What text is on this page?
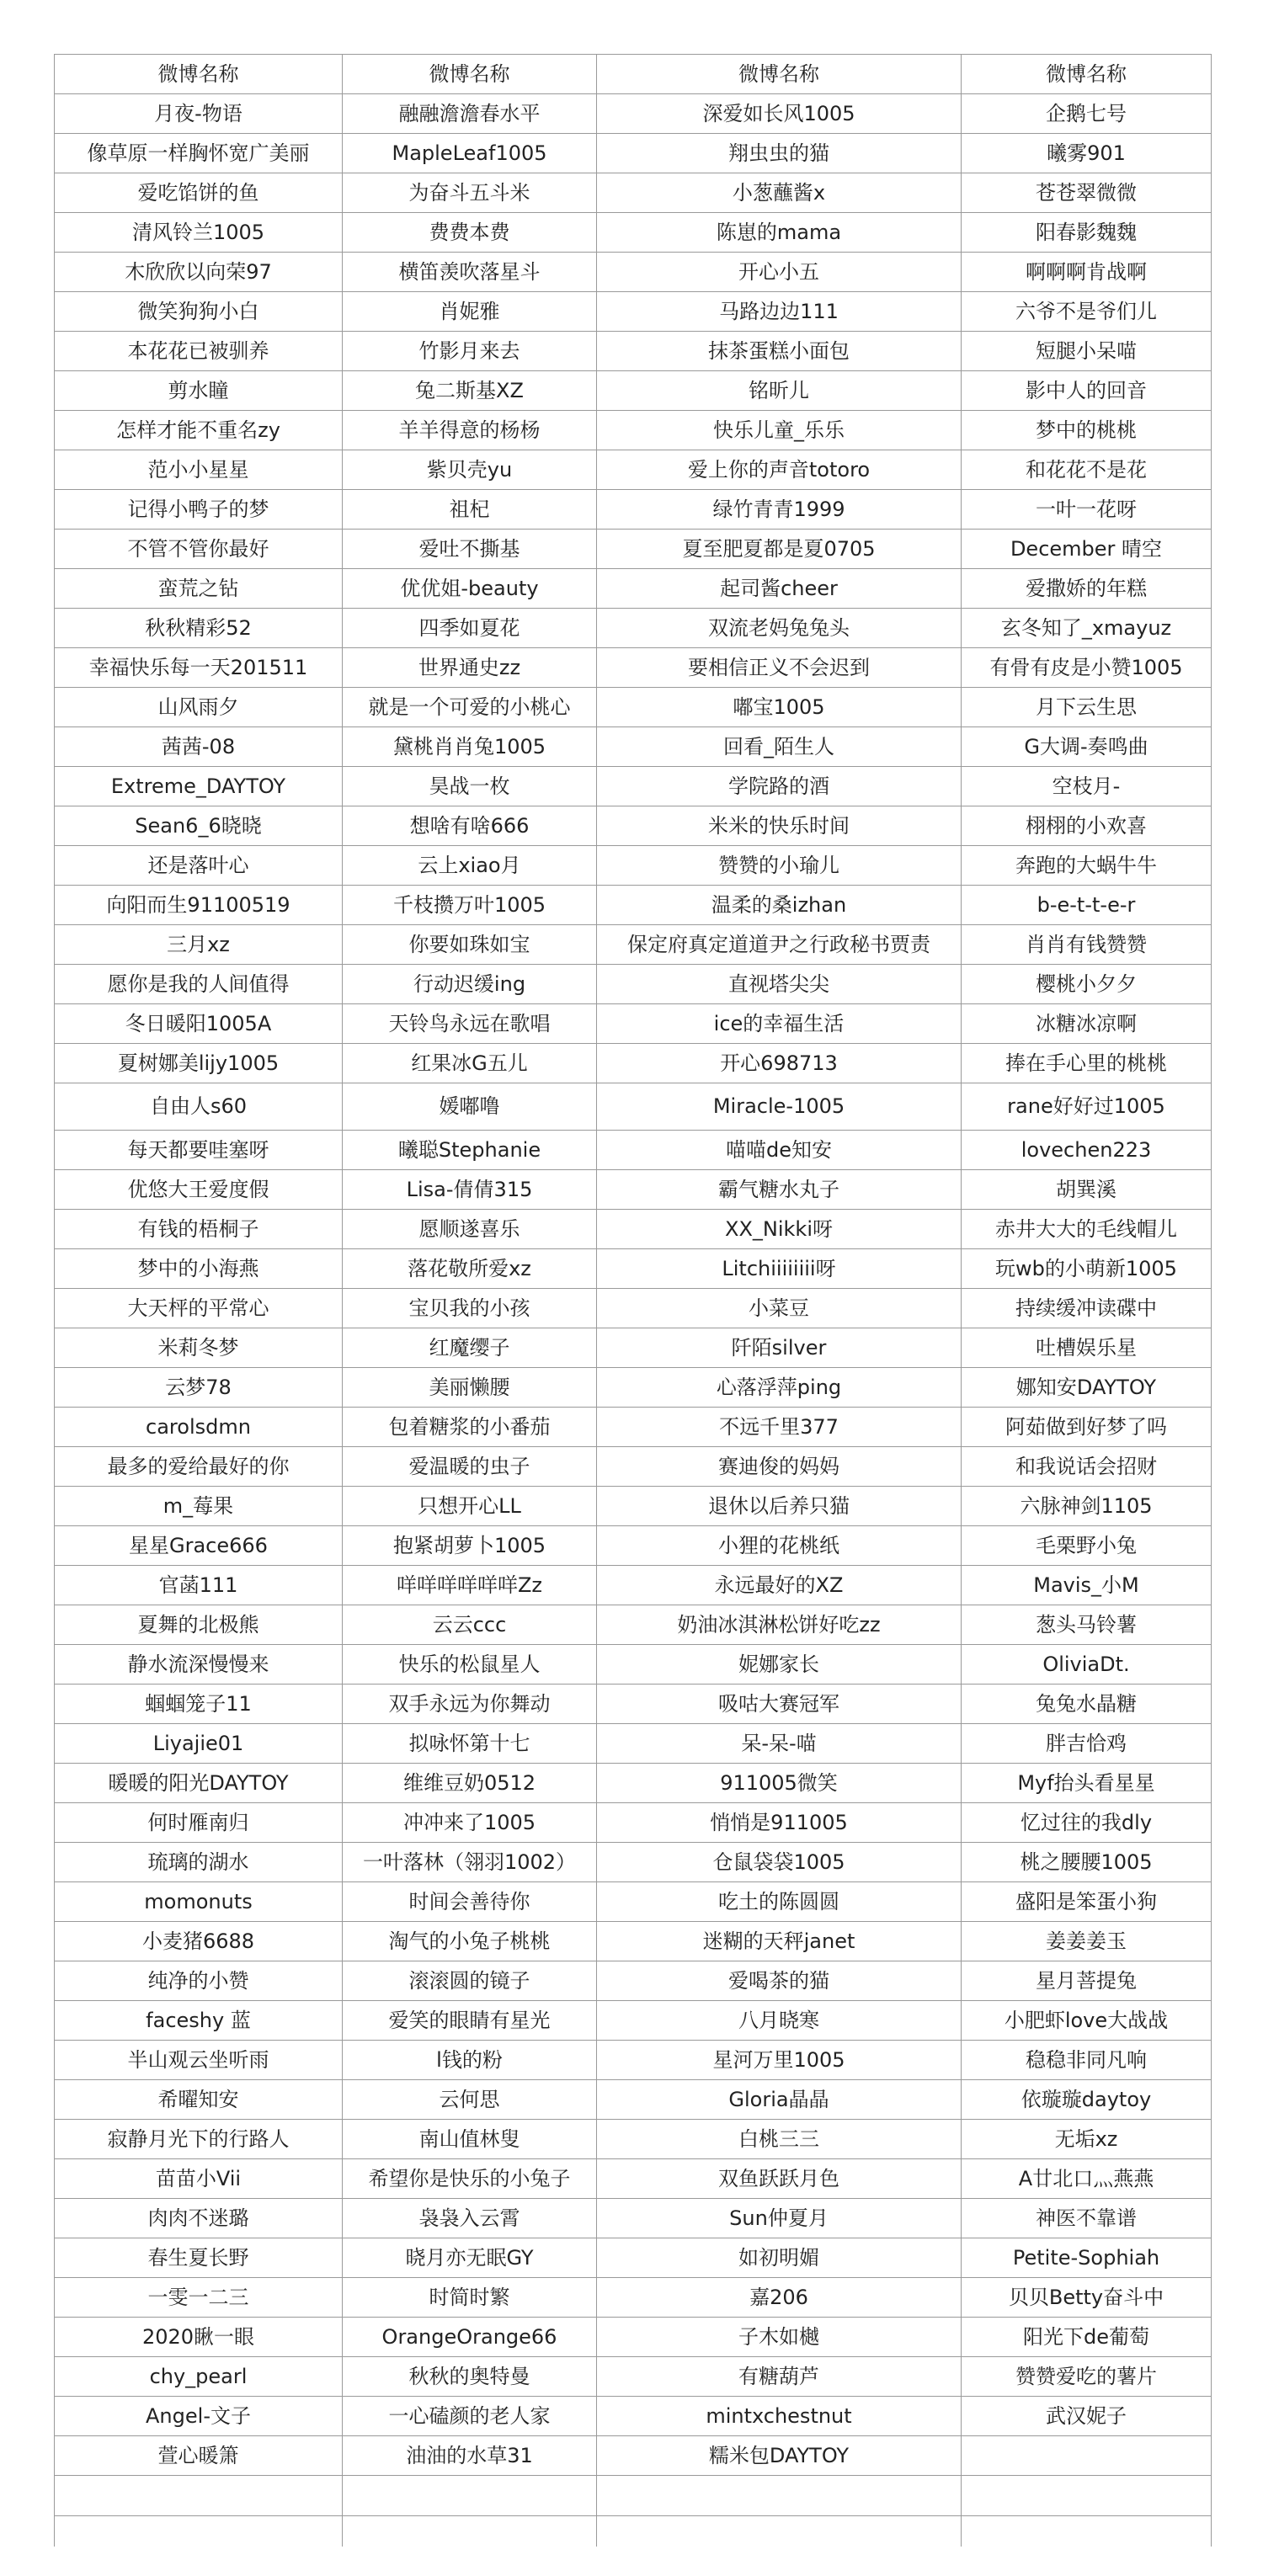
微博名称	微博名称	微博名称	微博名称
月夜-物语	融融澹澹春水平	深爱如长风1005	企鹅七号
像草原一样胸怀宽广美丽	MapleLeaf1005	翔虫虫的猫	曦雾901
爱吃馅饼的鱼	为奋斗五斗米	小葱蘸酱x	苍苍翠微微
清风铃兰1005	费费本费	陈崽的mama	阳春影魏魏
木欣欣以向荣97	横笛羡吹落星斗	开心小五	啊啊啊肯战啊
微笑狗狗小白	肖妮雅	马路边边111	六爷不是爷们儿
本花花已被驯养	竹影月来去	抹茶蛋糕小面包	短腿小呆喵
剪水瞳	兔二斯基XZ	铭昕儿	影中人的回音
怎样才能不重名zy	羊羊得意的杨杨	快乐儿童_乐乐	梦中的桃桃
范小小星星	紫贝壳yu	爱上你的声音totoro	和花花不是花
记得小鸭子的梦	祖杞	绿竹青青1999	一叶一花呀
不管不管你最好	爱吐不撕基	夏至肥夏都是夏0705	December 晴空
蛮荒之钻	优优姐-beauty	起司酱cheer	爱撒娇的年糕
秋秋精彩52	四季如夏花	双流老妈兔兔头	玄冬知了_xmayuz
幸福快乐每一天201511	世界通史zz	要相信正义不会迟到	有骨有皮是小赞1005
山风雨夕	就是一个可爱的小桃心	嘟宝1005	月下云生思
茜茜-08	黛桃肖肖兔1005	回看_陌生人	G大调-奏鸣曲
Extreme_DAYTOY	昊战一枚	学院路的酒	空枝月-
Sean6_6晓晓	想啥有啥666	米米的快乐时间	栩栩的小欢喜
还是落叶心	云上xiao月	赞赞的小瑜儿	奔跑的大蜗牛牛
向阳而生91100519	千枝攒万叶1005	温柔的桑izhan	b-e-t-t-e-r
三月xz	你要如珠如宝	保定府真定道道尹之行政秘书贾责	肖肖有钱赞赞
愿你是我的人间值得	行动迟缓ing	直视塔尖尖	樱桃小夕夕
冬日暖阳1005A	天铃鸟永远在歌唱	ice的幸福生活	冰糖冰凉啊
夏树娜美lijy1005	红果冰G五儿	开心698713	捧在手心里的桃桃
自由人s60	媛嘟噜	Miracle-1005	rane好好过1005
每天都要哇塞呀	曦聪Stephanie	喵喵de知安	lovechen223
优悠大王爱度假	Lisa-倩倩315	霸气糖水丸子	胡巽溪
有钱的梧桐子	愿顺遂喜乐	XX_Nikki呀	赤井大大的毛线帽儿
梦中的小海燕	落花敬所爱xz	Litchiiiiiiii呀	玩wb的小萌新1005
大天枰的平常心	宝贝我的小孩	小菜豆	持续缓冲读碟中
米莉冬梦	红魔缨子	阡陌silver	吐槽娱乐星
云梦78	美丽懒腰	心落浮萍ping	娜知安DAYTOY
carolsdmn	包着糖浆的小番茄	不远千里377	阿茹做到好梦了吗
最多的爱给最好的你	爱温暖的虫子	赛迪俊的妈妈	和我说话会招财
m_莓果	只想开心LL	退休以后养只猫	六脉神剑1105
星星Grace666	抱紧胡萝卜1005	小狸的花桃纸	毛栗野小兔
官菡111	咩咩咩咩咩咩Zz	永远最好的XZ	Mavis_小M
夏舞的北极熊	云云ccc	奶油冰淇淋松饼好吃zz	葱头马铃薯
静水流深慢慢来	快乐的松鼠星人	妮娜家长	OliviaDt.
蝈蝈笼子11	双手永远为你舞动	吸咕大赛冠军	兔兔水晶糖
Liyajie01	拟咏怀第十七	呆-呆-喵	胖吉恰鸡
暖暖的阳光DAYTOY	维维豆奶0512	911005微笑	Myf抬头看星星
何时雁南归	冲冲来了1005	悄悄是911005	忆过往的我dly
琉璃的湖水	一叶落林（翎羽1002）	仓鼠袋袋1005	桃之腰腰1005
momonuts	时间会善待你	吃土的陈圆圆	盛阳是笨蛋小狗
小麦猪6688	淘气的小兔子桃桃	迷糊的天秤janet	姜姜姜玉
纯净的小赞	滚滚圆的镜子	爱喝茶的猫	星月菩提兔
faceshy 蓝	爱笑的眼睛有星光	八月晓寒	小肥虾love大战战
半山观云坐听雨	l钱的粉	星河万里1005	稳稳非同凡响
希曜知安	云何思	Gloria晶晶	依璇璇daytoy
寂静月光下的行路人	南山值林叟	白桃三三	无垢xz
苗苗小Vii	希望你是快乐的小兔子	双鱼跃跃月色	A廿北口灬燕燕
肉肉不迷璐	袅袅入云霄	Sun仲夏月	神医不靠谱
春生夏长野	晓月亦无眠GY	如初明媚	Petite-Sophiah
一雯一二三	时简时繁	嘉206	贝贝Betty奋斗中
2020瞅一眼	OrangeOrange66	子木如樾	阳光下de葡萄
chy_pearl	秋秋的奥特曼	有糖葫芦	赞赞爱吃的薯片
Angel-文子	一心磕颜的老人家	mintxchestnut	武汉妮子
萱心暖箫	油油的水草31	糯米包DAYTOY	
